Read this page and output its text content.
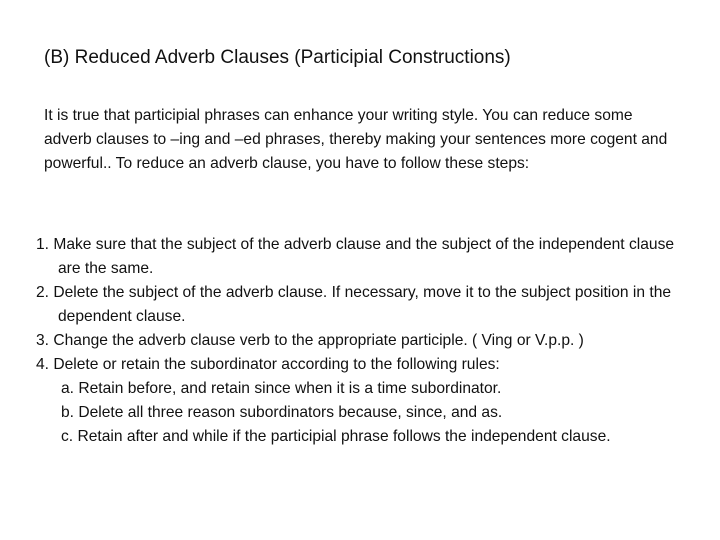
(B) Reduced Adverb Clauses (Participial Constructions)
It is true that participial phrases can enhance your writing style. You can reduce some adverb clauses to –ing and –ed phrases, thereby making your sentences more cogent and powerful.. To reduce an adverb clause, you have to follow these steps:
1. Make sure that the subject of the adverb clause and the subject of the independent clause are the same.
2. Delete the subject of the adverb clause. If necessary, move it to the subject position in the dependent clause.
3. Change the adverb clause verb to the appropriate participle. ( Ving or V.p.p. )
4. Delete or retain the subordinator according to the following rules:
a. Retain before, and retain since when it is a time subordinator.
b. Delete all three reason subordinators because, since, and as.
c. Retain after and while if the participial phrase follows the independent clause.
